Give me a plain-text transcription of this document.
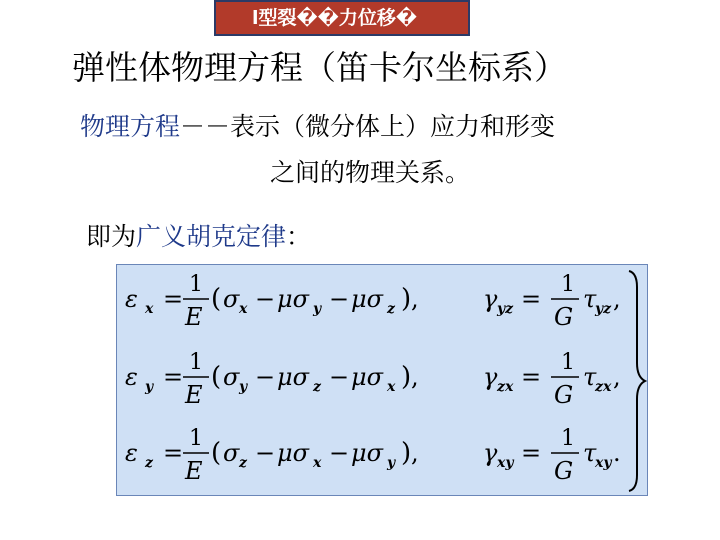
l型裂��力位移�
弹性体物理方程（笛卡尔坐标系）
物理方程－－表示（微分体上）应力和形变
之间的物理关系。
即为广义胡克定律：
ε x =
1
E
( σ x − μσ y − μσ z ) ,
ε y =
1
E
( σ y − μσ z − μσ x ) ,
ε z =
1
E
( σ z − μσ x − μσ y ) ,
γ yz =
1
G
τ
yz ,
γ zx =
1
G
τ
zx ,
γ xy =
1
G
τ
xy .
